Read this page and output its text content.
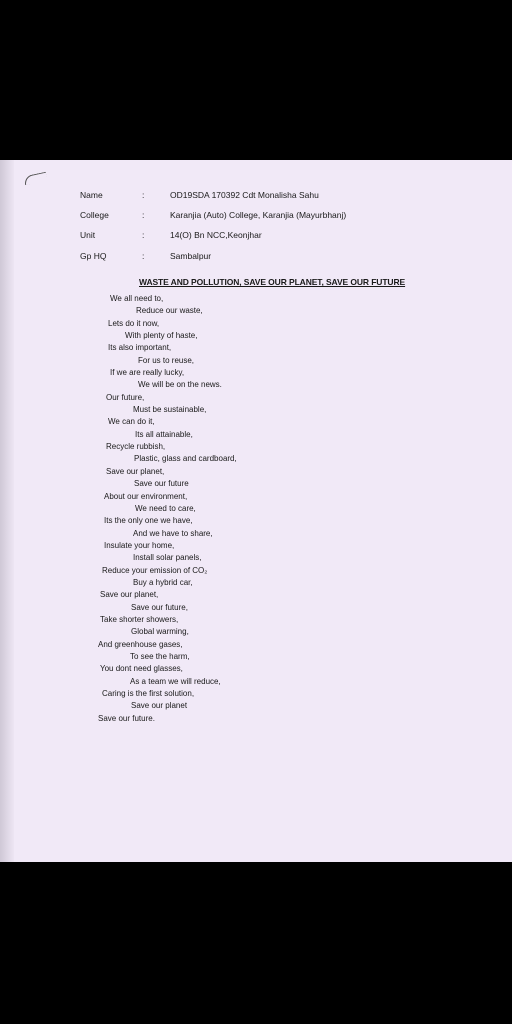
Name	:	OD19SDA 170392 Cdt Monalisha Sahu
College	:	Karanjia (Auto) College, Karanjia (Mayurbhanj)
Unit	:	14(O) Bn NCC,Keonjhar
Gp HQ	:	Sambalpur
WASTE AND POLLUTION, SAVE OUR PLANET, SAVE OUR FUTURE
We all need to,
Reduce our waste,
Lets do it now,
With plenty of haste,
Its also important,
For us to reuse,
If we are really lucky,
We will be on the news.
Our future,
Must be sustainable,
We can do it,
Its all attainable,
Recycle rubbish,
Plastic, glass and cardboard,
Save our planet,
Save our future
About our environment,
We need to care,
Its the only one we have,
And we have to share,
Insulate your home,
Install solar panels,
Reduce your emission of CO₂
Buy a hybrid car,
Save our planet,
Save our future,
Take shorter showers,
Global warming,
And greenhouse gases,
To see the harm,
You dont need glasses,
As a team we will reduce,
Caring is the first solution,
Save our planet
Save our future.
